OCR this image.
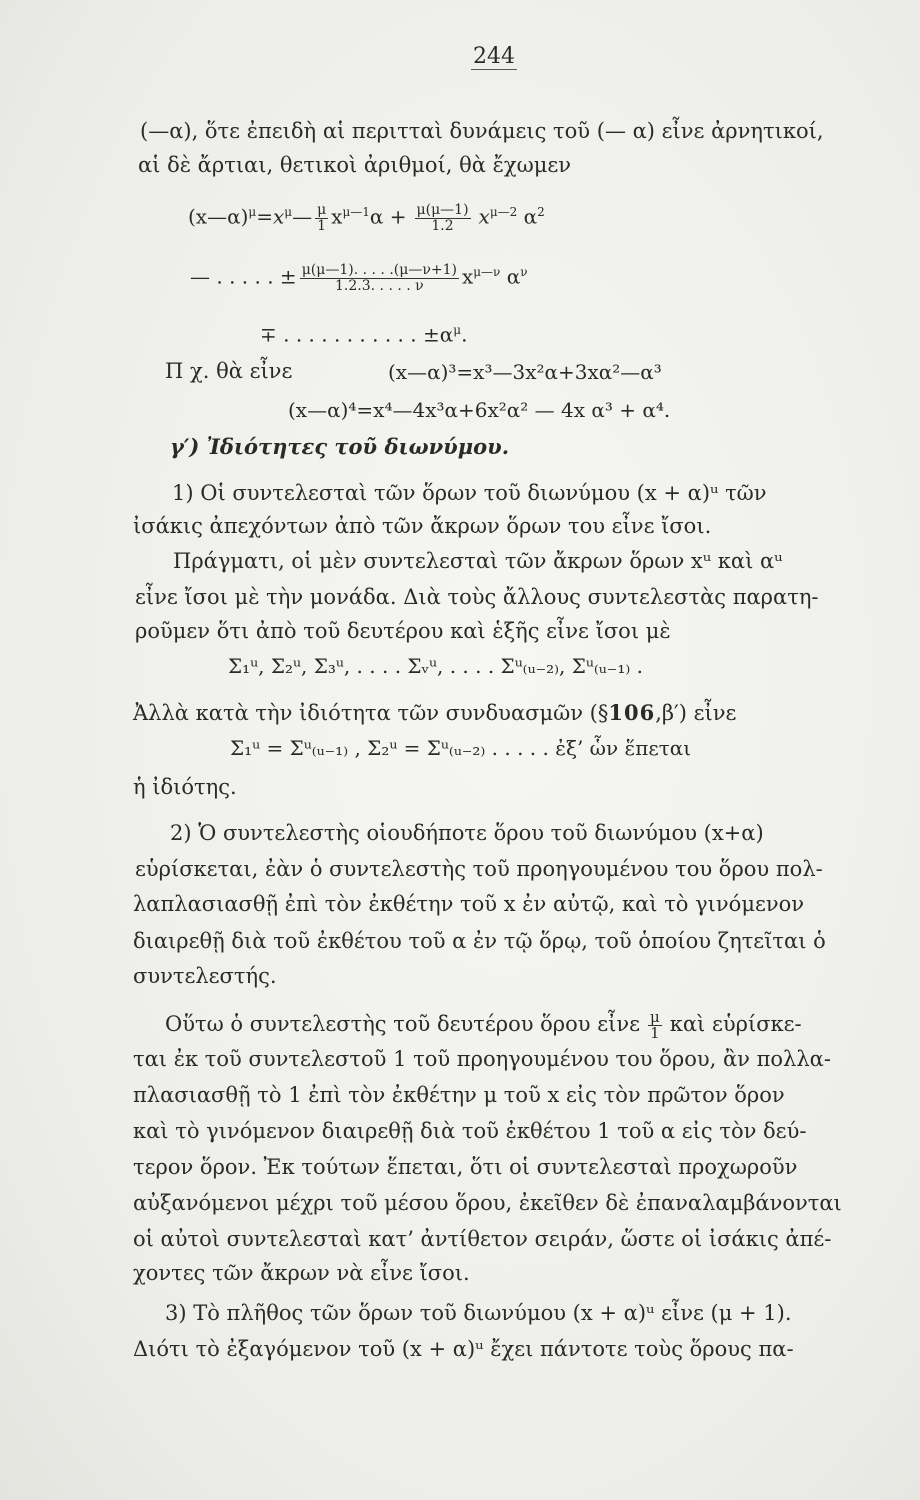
244
(—α), ὅτε ἐπειδὴ αἱ περιτταὶ δυνάμεις τοῦ (— α) εἶνε ἀρνητικοί,
αἱ δὲ ἄρτιαι, θετικοὶ ἀριθμοί, θὰ ἔχωμεν
$(x—\alpha)^\mu=x^\mu— \frac{\mu}{1} x^{\mu—1}\alpha + \frac{\mu(\mu—1)}{1.2} x^{\mu—2}$ $\alpha^2$
— . . . . . ± $\frac{\mu(\mu—1). . . . .(\mu—\nu+1)}{1.2.3. . . . . \nu} x^{\mu—\nu}$ $\alpha^\nu$
∓ . . . . . . . . . . . $\pm\alpha^\mu$.
Π χ. θὰ εἶνε	(x—α)³=x³—3x²α+3xα²—α³
(x—α)⁴=x⁴—4x³α+6x²α² — 4x α³ + α⁴.
γ′) Ἰδιότητες τοῦ διωνύμου.
1) Οἱ συντελεσταὶ τῶν ὅρων τοῦ διωνύμου (x + α)ᵘ τῶν
ἰσάκις ἀπεχόντων ἀπὸ τῶν ἄκρων ὅρων του εἶνε ἴσοι.
Πράγματι, οἱ μὲν συντελεσταὶ τῶν ἄκρων ὅρων xᵘ καὶ αᵘ
εἶνε ἴσοι μὲ τὴν μονάδα. Διὰ τοὺς ἄλλους συντελεστὰς παρατη-
ροῦμεν ὅτι ἀπὸ τοῦ δευτέρου καὶ ἑξῆς εἶνε ἴσοι μὲ
Σ₁ᵘ, Σ₂ᵘ, Σ₃ᵘ, . . . . Σᵥᵘ, . . . . Σᵘ₍ᵤ₋₂₎, Σᵘ₍ᵤ₋₁₎ .
Ἀλλὰ κατὰ τὴν ἰδιότητα τῶν συνδυασμῶν (§106,β′) εἶνε
Σ₁ᵘ = Σᵘ₍ᵤ₋₁₎ , Σ₂ᵘ = Σᵘ₍ᵤ₋₂₎ . . . . . ἐξ’ ὧν ἕπεται
ἡ ἰδιότης.
2) Ὁ συντελεστὴς οἱουδήποτε ὅρου τοῦ διωνύμου (x+α)
εὑρίσκεται, ἐὰν ὁ συντελεστὴς τοῦ προηγουμένου του ὅρου πολ-
λαπλασιασθῇ ἐπὶ τὸν ἐκθέτην τοῦ x ἐν αὐτῷ, καὶ τὸ γινόμενον
διαιρεθῇ διὰ τοῦ ἐκθέτου τοῦ α ἐν τῷ ὅρῳ, τοῦ ὁποίου ζητεῖται ὁ
συντελεστής.
Οὕτω ὁ συντελεστὴς τοῦ δευτέρου ὅρου εἶνε $\frac{\mu}{1}$ καὶ εὑρίσκε-
ται ἐκ τοῦ συντελεστοῦ 1 τοῦ προηγουμένου του ὅρου, ἂν πολλα-
πλασιασθῇ τὸ 1 ἐπὶ τὸν ἐκθέτην μ τοῦ x εἰς τὸν πρῶτον ὅρον
καὶ τὸ γινόμενον διαιρεθῇ διὰ τοῦ ἐκθέτου 1 τοῦ α εἰς τὸν δεύ-
τερον ὅρον. Ἐκ τούτων ἕπεται, ὅτι οἱ συντελεσταὶ προχωροῦν
αὐξανόμενοι μέχρι τοῦ μέσου ὅρου, ἐκεῖθεν δὲ ἐπαναλαμβάνονται
οἱ αὐτοὶ συντελεσταὶ κατ’ ἀντίθετον σειράν, ὥστε οἱ ἰσάκις ἀπέ-
χοντες τῶν ἄκρων νὰ εἶνε ἴσοι.
3) Τὸ πλῆθος τῶν ὅρων τοῦ διωνύμου (x + α)ᵘ εἶνε (μ + 1).
Διότι τὸ ἐξαγόμενον τοῦ (x + α)ᵘ ἔχει πάντοτε τοὺς ὅρους πα-
